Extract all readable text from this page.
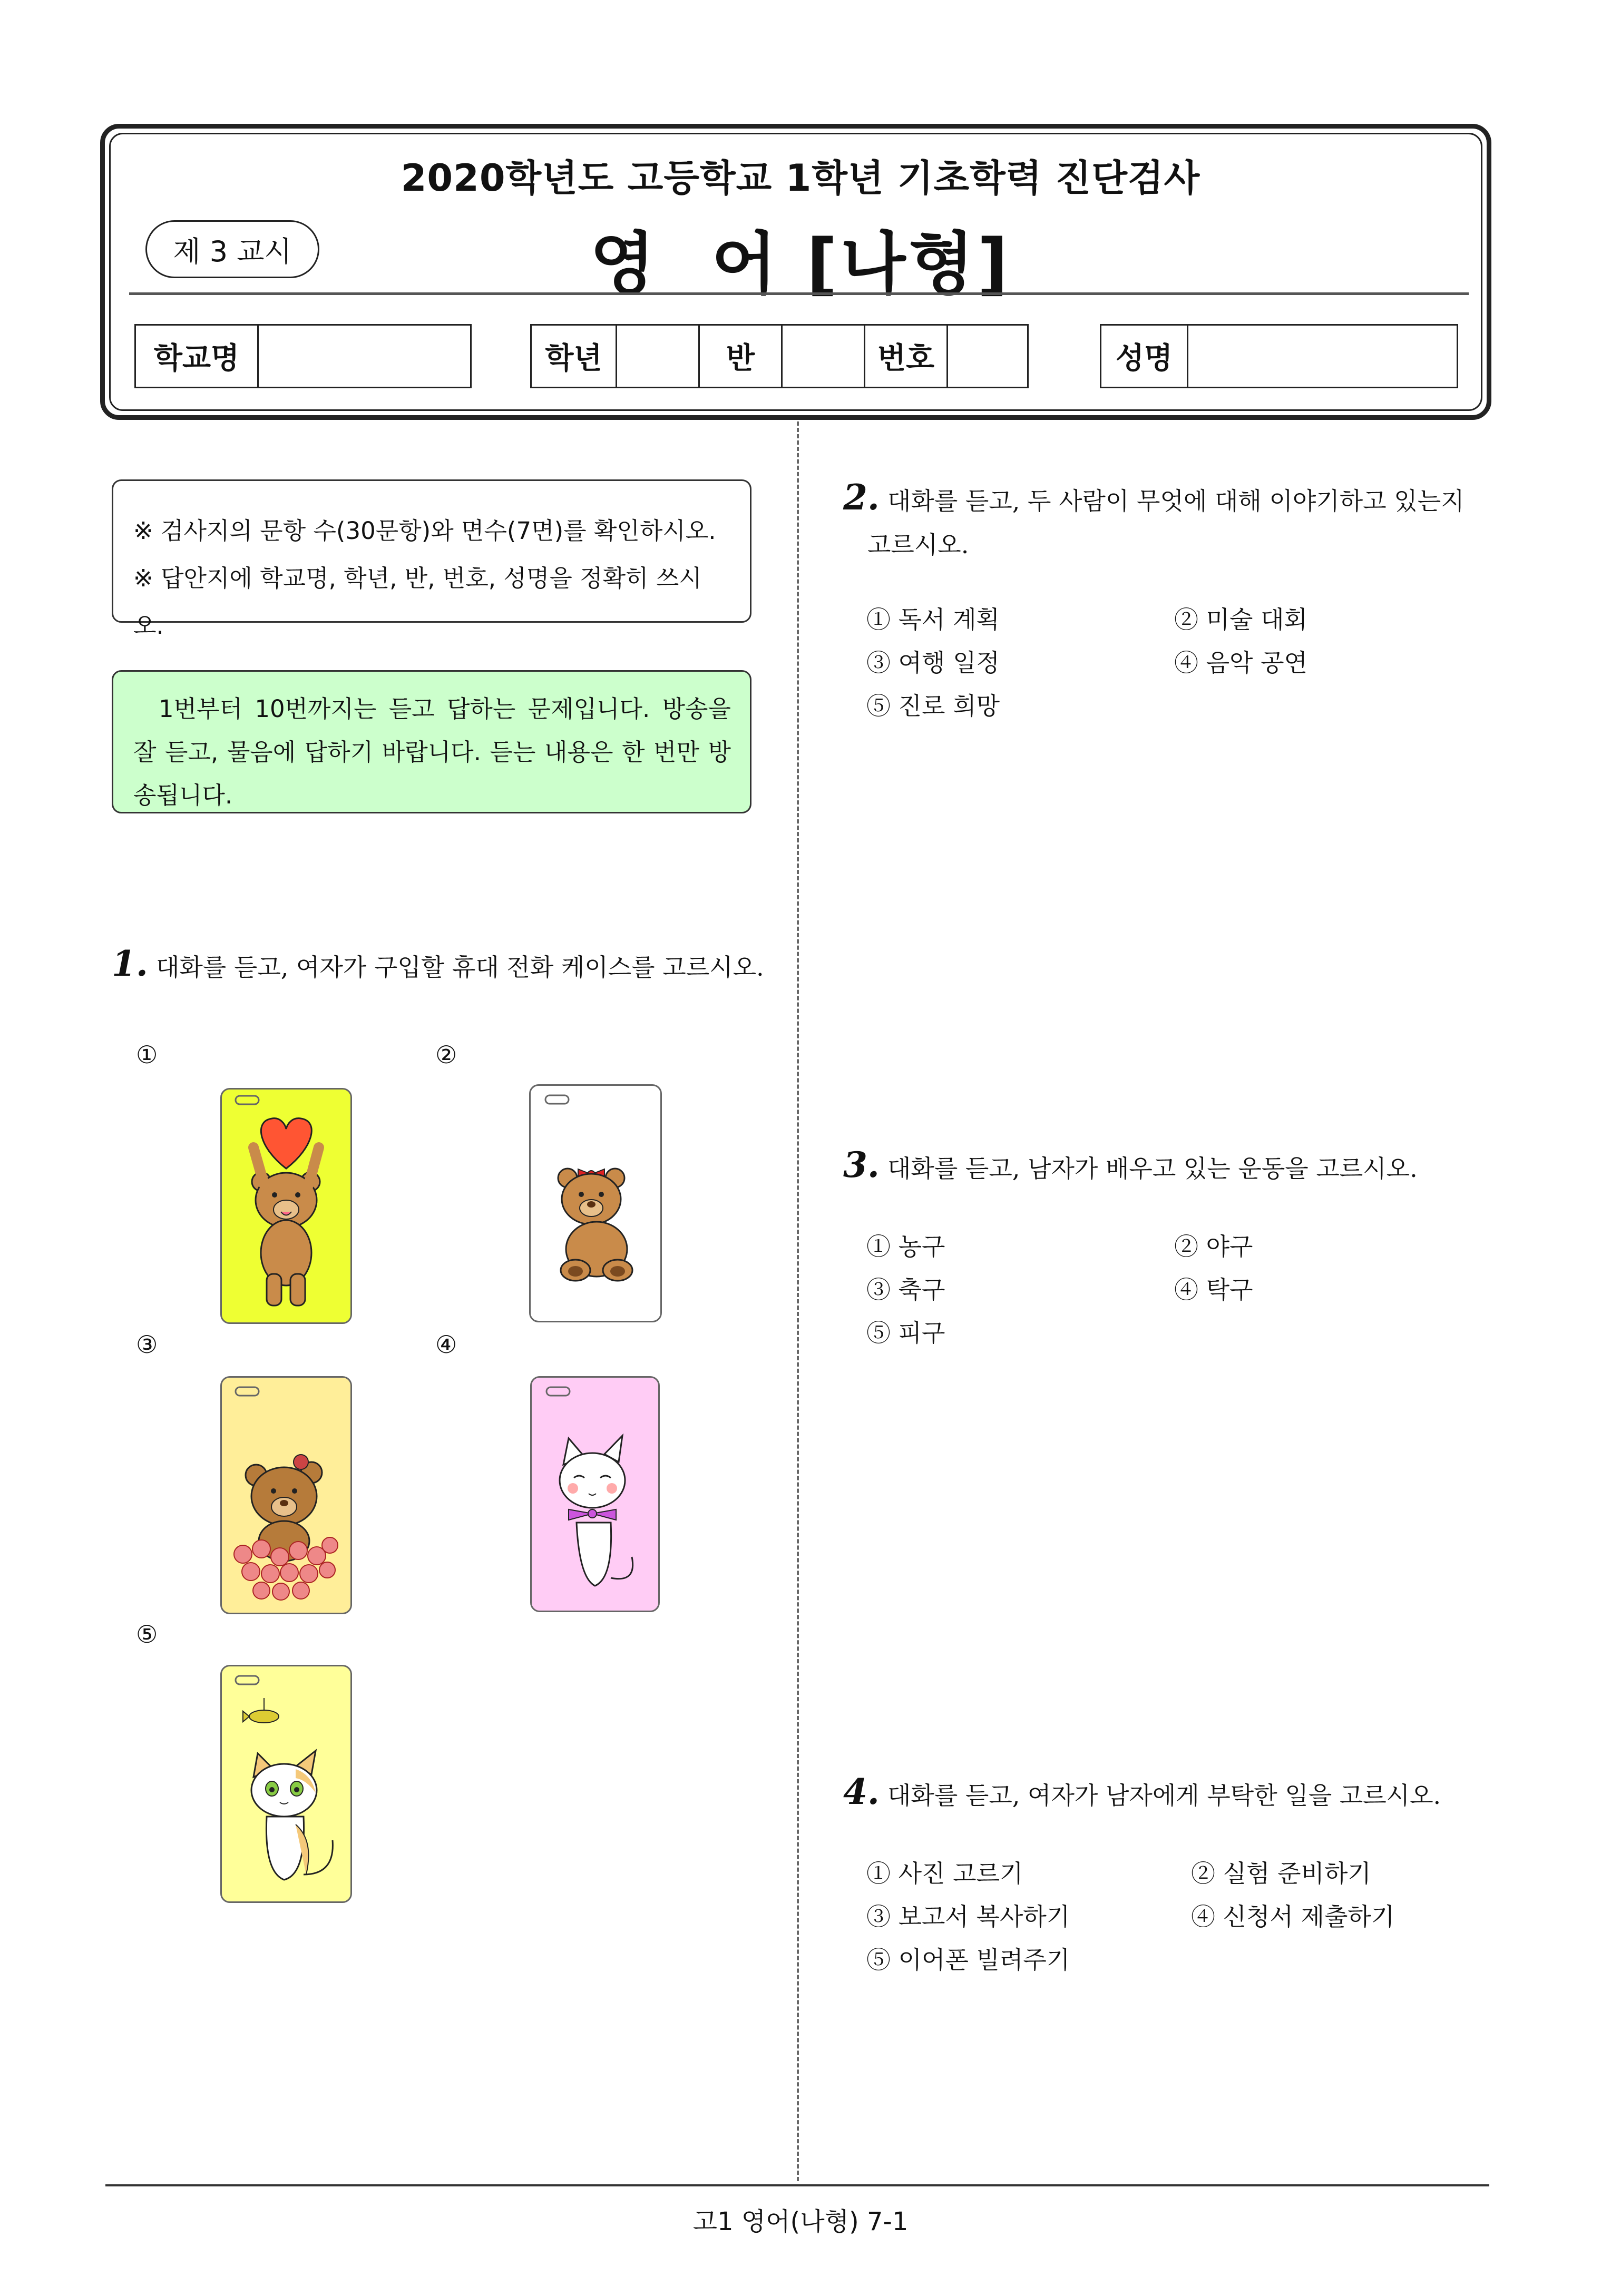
2020학년도 고등학교 1학년 기초학력 진단검사
제 3 교시	영  어 [나형]
학교명	학년	반	번호	성명
※ 검사지의 문항 수(30문항)와 면수(7면)를 확인하시오.
※ 답안지에 학교명, 학년, 반, 번호, 성명을 정확히 쓰시오.
1번부터 10번까지는 듣고 답하는 문제입니다. 방송을 잘 듣고, 물음에 답하기 바랍니다. 듣는 내용은 한 번만 방송됩니다.
1. 대화를 듣고, 여자가 구입할 휴대 전화 케이스를 고르시오.
①	②
③	④
⑤
2. 대화를 듣고, 두 사람이 무엇에 대해 이야기하고 있는지
고르시오.
① 독서 계획	② 미술 대회
③ 여행 일정	④ 음악 공연
⑤ 진로 희망
3. 대화를 듣고, 남자가 배우고 있는 운동을 고르시오.
① 농구	② 야구
③ 축구	④ 탁구
⑤ 피구
4. 대화를 듣고, 여자가 남자에게 부탁한 일을 고르시오.
① 사진 고르기	② 실험 준비하기
③ 보고서 복사하기	④ 신청서 제출하기
⑤ 이어폰 빌려주기
고1 영어(나형) 7-1
